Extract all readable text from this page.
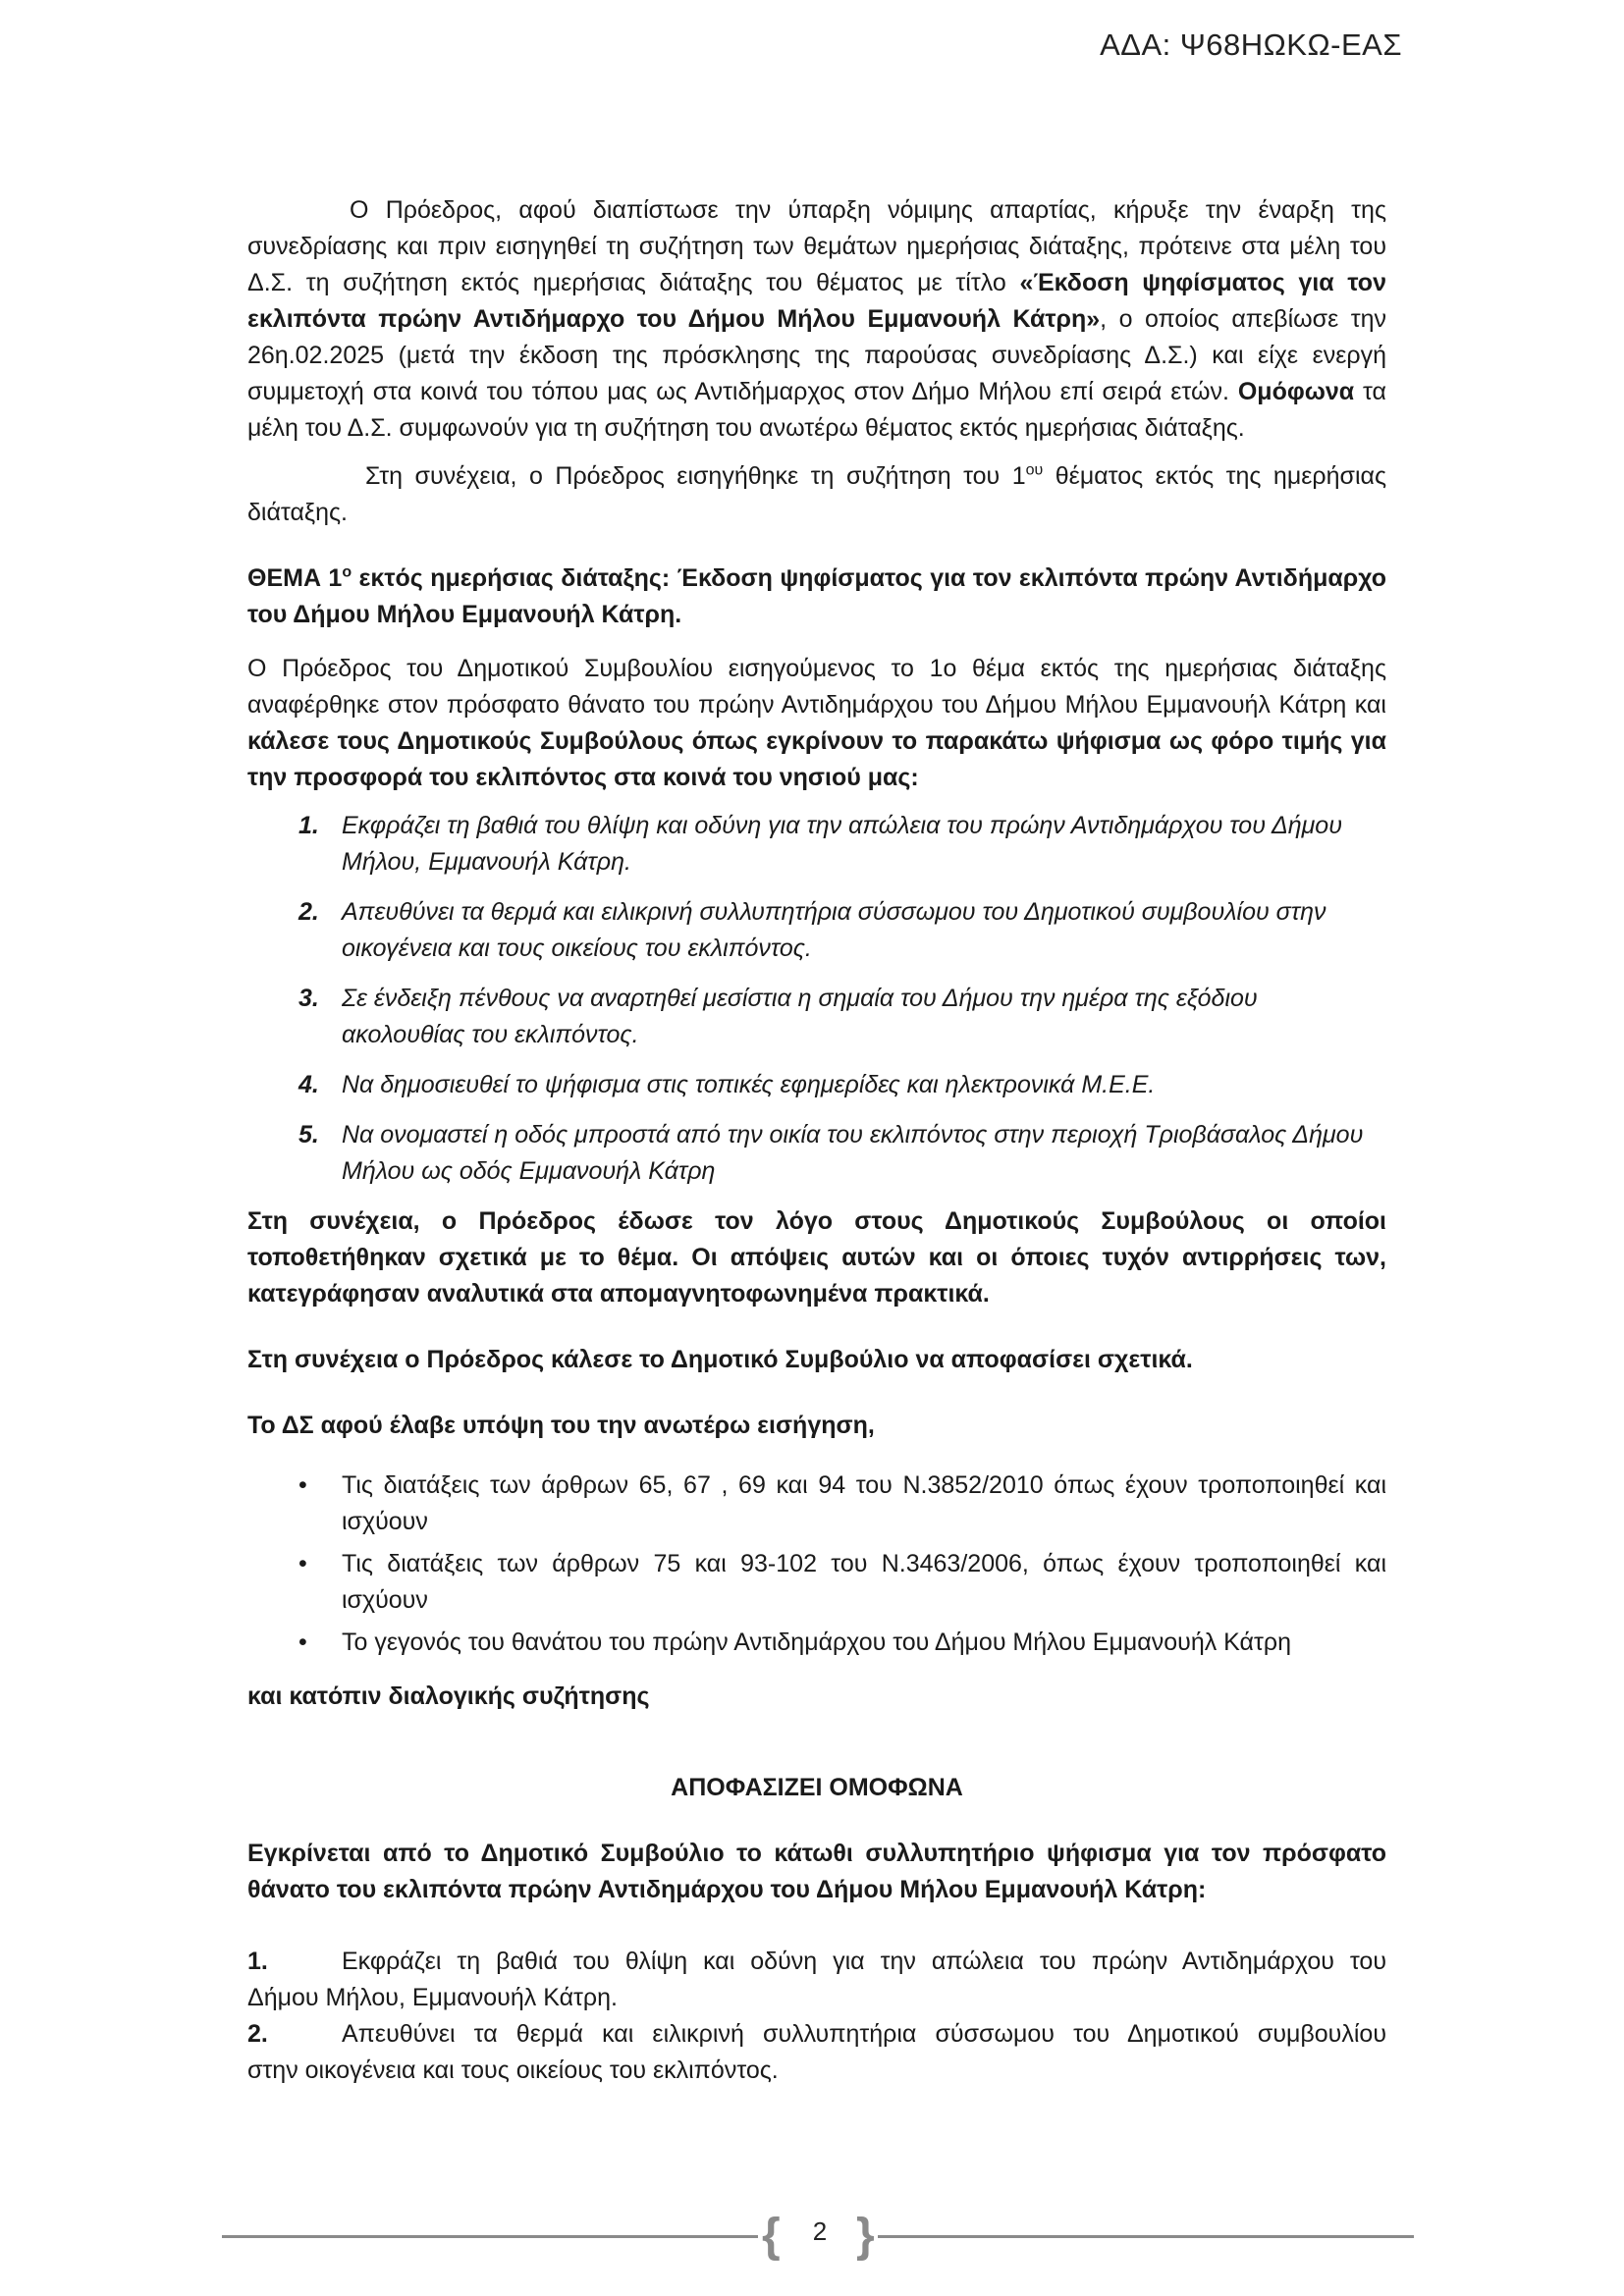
ΑΔΑ: Ψ68ΗΩΚΩ-ΕΑΣ

Ο Πρόεδρος, αφού διαπίστωσε την ύπαρξη νόμιμης απαρτίας, κήρυξε την έναρξη της συνεδρίασης και πριν εισηγηθεί τη συζήτηση των θεμάτων ημερήσιας διάταξης, πρότεινε στα μέλη του Δ.Σ. τη συζήτηση εκτός ημερήσιας διάταξης του θέματος με τίτλο «Έκδοση ψηφίσματος για τον εκλιπόντα πρώην Αντιδήμαρχο του Δήμου Μήλου Εμμανουήλ Κάτρη», ο οποίος απεβίωσε την 26η.02.2025 (μετά την έκδοση της πρόσκλησης της παρούσας συνεδρίασης Δ.Σ.) και είχε ενεργή συμμετοχή στα κοινά του τόπου μας ως Αντιδήμαρχος στον Δήμο Μήλου επί σειρά ετών. Ομόφωνα τα μέλη του Δ.Σ. συμφωνούν για τη συζήτηση του ανωτέρω θέματος εκτός ημερήσιας διάταξης.

Στη συνέχεια, ο Πρόεδρος εισηγήθηκε τη συζήτηση του $1^{o\upsilon}$ θέματος εκτός της ημερήσιας διάταξης.

ΘΕΜΑ $1^o$ εκτός ημερήσιας διάταξης: Έκδοση ψηφίσματος για τον εκλιπόντα πρώην Αντιδήμαρχο του Δήμου Μήλου Εμμανουήλ Κάτρη.

Ο Πρόεδρος του Δημοτικού Συμβουλίου εισηγούμενος το 1ο θέμα εκτός της ημερήσιας διάταξης αναφέρθηκε στον πρόσφατο θάνατο του πρώην Αντιδημάρχου του Δήμου Μήλου Εμμανουήλ Κάτρη και κάλεσε τους Δημοτικούς Συμβούλους όπως εγκρίνουν το παρακάτω ψήφισμα ως φόρο τιμής για την προσφορά του εκλιπόντος στα κοινά του νησιού μας:

1. Εκφράζει τη βαθιά του θλίψη και οδύνη για την απώλεια του πρώην Αντιδημάρχου του Δήμου Μήλου, Εμμανουήλ Κάτρη.
2. Απευθύνει τα θερμά και ειλικρινή συλλυπητήρια σύσσωμου του Δημοτικού συμβουλίου στην οικογένεια και τους οικείους του εκλιπόντος.
3. Σε ένδειξη πένθους να αναρτηθεί μεσίστια η σημαία του Δήμου την ημέρα της εξόδιου ακολουθίας του εκλιπόντος.
4. Να δημοσιευθεί το ψήφισμα στις τοπικές εφημερίδες και ηλεκτρονικά Μ.Ε.Ε.
5. Να ονομαστεί η οδός μπροστά από την οικία του εκλιπόντος στην περιοχή Τριοβάσαλος Δήμου Μήλου ως οδός Εμμανουήλ Κάτρη

Στη συνέχεια, ο Πρόεδρος έδωσε τον λόγο στους Δημοτικούς Συμβούλους οι οποίοι τοποθετήθηκαν σχετικά με το θέμα. Οι απόψεις αυτών και οι όποιες τυχόν αντιρρήσεις των, κατεγράφησαν αναλυτικά στα απομαγνητοφωνημένα πρακτικά.

Στη συνέχεια ο Πρόεδρος κάλεσε το Δημοτικό Συμβούλιο να αποφασίσει σχετικά.

Το ΔΣ αφού έλαβε υπόψη του την ανωτέρω εισήγηση,

• Τις διατάξεις των άρθρων 65, 67 , 69 και 94 του Ν.3852/2010 όπως έχουν τροποποιηθεί και ισχύουν
• Τις διατάξεις των άρθρων 75 και 93-102 του Ν.3463/2006, όπως έχουν τροποποιηθεί και ισχύουν
• Το γεγονός του θανάτου του πρώην Αντιδημάρχου του Δήμου Μήλου Εμμανουήλ Κάτρη

και κατόπιν διαλογικής συζήτησης

ΑΠΟΦΑΣΙΖΕΙ ΟΜΟΦΩΝΑ

Εγκρίνεται από το Δημοτικό Συμβούλιο το κάτωθι συλλυπητήριο ψήφισμα για τον πρόσφατο θάνατο του εκλιπόντα πρώην Αντιδημάρχου του Δήμου Μήλου Εμμανουήλ Κάτρη:

1.	Εκφράζει τη βαθιά του θλίψη και οδύνη για την απώλεια του πρώην Αντιδημάρχου του
Δήμου Μήλου, Εμμανουήλ Κάτρη.
2.	Απευθύνει τα θερμά και ειλικρινή συλλυπητήρια σύσσωμου του Δημοτικού συμβουλίου
στην οικογένεια και τους οικείους του εκλιπόντος.
{	2 }
